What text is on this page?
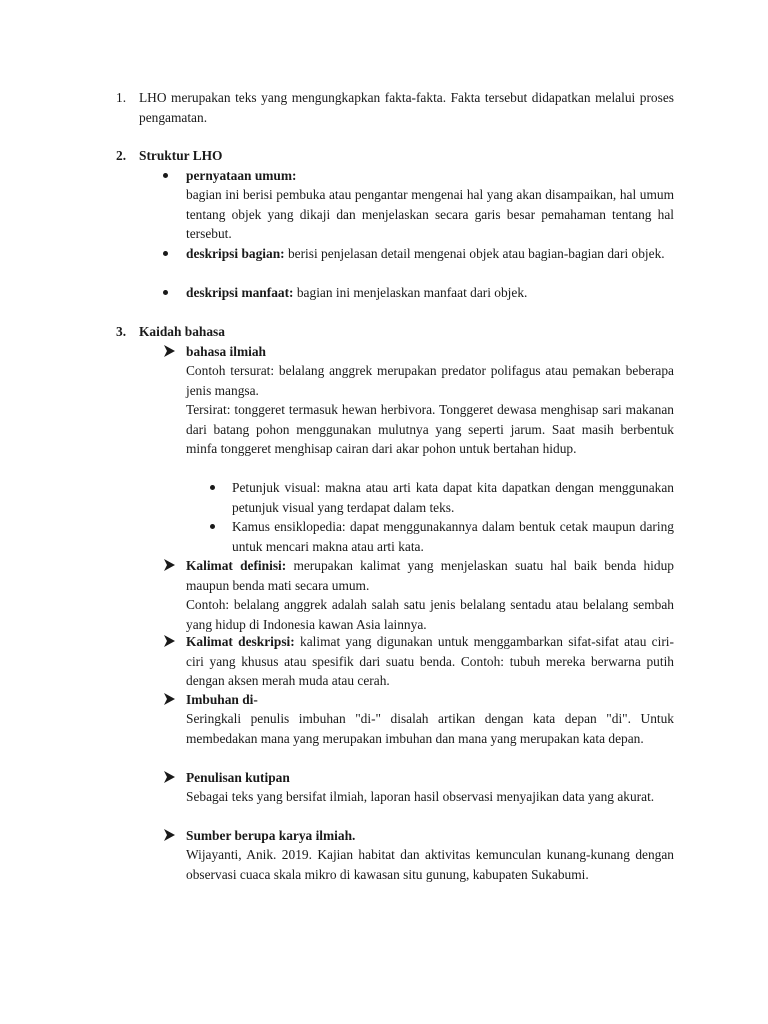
1. LHO merupakan teks yang mengungkapkan fakta-fakta. Fakta tersebut didapatkan melalui proses pengamatan.
2. Struktur LHO
pernyataan umum:
bagian ini berisi pembuka atau pengantar mengenai hal yang akan disampaikan, hal umum tentang objek yang dikaji dan menjelaskan secara garis besar pemahaman tentang hal tersebut.
deskripsi bagian: berisi penjelasan detail mengenai objek atau bagian-bagian dari objek.
deskripsi manfaat: bagian ini menjelaskan manfaat dari objek.
3. Kaidah bahasa
bahasa ilmiah
Contoh tersurat: belalang anggrek merupakan predator polifagus atau pemakan beberapa jenis mangsa.
Tersirat: tonggeret termasuk hewan herbivora. Tonggeret dewasa menghisap sari makanan dari batang pohon menggunakan mulutnya yang seperti jarum. Saat masih berbentuk minfa tonggeret menghisap cairan dari akar pohon untuk bertahan hidup.
Petunjuk visual: makna atau arti kata dapat kita dapatkan dengan menggunakan petunjuk visual yang terdapat dalam teks.
Kamus ensiklopedia: dapat menggunakannya dalam bentuk cetak maupun daring untuk mencari makna atau arti kata.
Kalimat definisi: merupakan kalimat yang menjelaskan suatu hal baik benda hidup maupun benda mati secara umum.
Contoh: belalang anggrek adalah salah satu jenis belalang sentadu atau belalang sembah yang hidup di Indonesia kawan Asia lainnya.
Kalimat deskripsi: kalimat yang digunakan untuk menggambarkan sifat-sifat atau ciri-ciri yang khusus atau spesifik dari suatu benda. Contoh: tubuh mereka berwarna putih dengan aksen merah muda atau cerah.
Imbuhan di-
Seringkali penulis imbuhan "di-" disalah artikan dengan kata depan "di". Untuk membedakan mana yang merupakan imbuhan dan mana yang merupakan kata depan.
Penulisan kutipan
Sebagai teks yang bersifat ilmiah, laporan hasil observasi menyajikan data yang akurat.
Sumber berupa karya ilmiah.
Wijayanti, Anik. 2019. Kajian habitat dan aktivitas kemunculan kunang-kunang dengan observasi cuaca skala mikro di kawasan situ gunung, kabupaten Sukabumi.
